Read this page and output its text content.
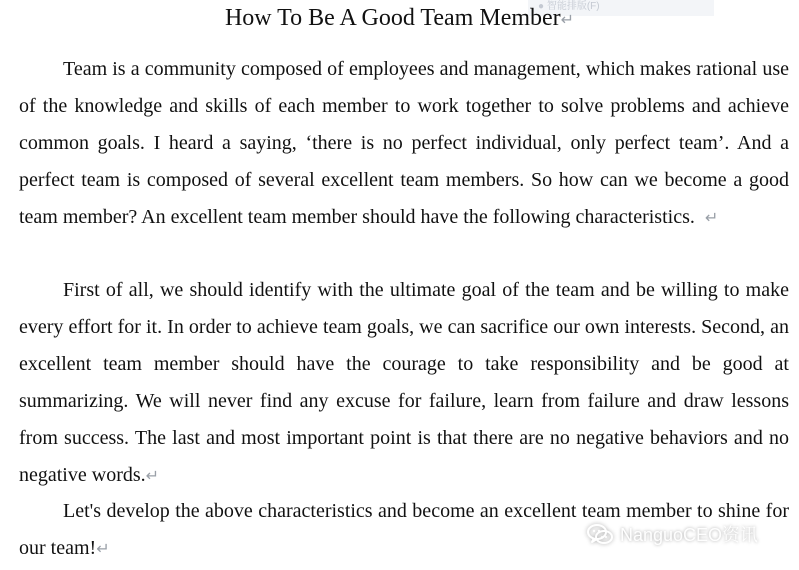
● 智能排版(F)
How To Be A Good Team Member↵

Team is a community composed of employees and management, which makes rational use of the knowledge and skills of each member to work together to solve problems and achieve common goals. I heard a saying, ‘there is no perfect individual, only perfect team’. And a perfect team is composed of several excellent team members. So how can we become a good team member? An excellent team member should have the following characteristics. ↵

First of all, we should identify with the ultimate goal of the team and be willing to make every effort for it. In order to achieve team goals, we can sacrifice our own interests. Second, an excellent team member should have the courage to take responsibility and be good at summarizing. We will never find any excuse for failure, learn from failure and draw lessons from success. The last and most important point is that there are no negative behaviors and no negative words.↵

Let's develop the above characteristics and become an excellent team member to shine for our team!↵

NanguoCEO资讯
